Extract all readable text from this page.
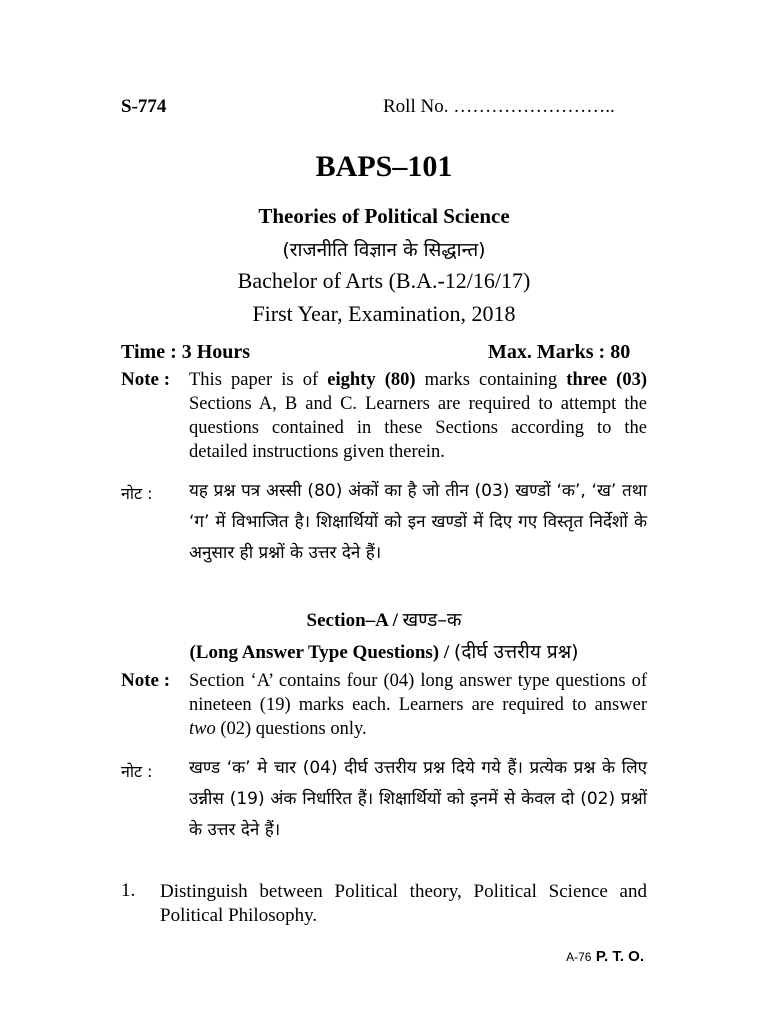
S-774	Roll No. ……………………..
BAPS–101
Theories of Political Science
(राजनीति विज्ञान के सिद्धान्त)
Bachelor of Arts (B.A.-12/16/17)
First Year, Examination, 2018
Time : 3 Hours	Max. Marks : 80
Note : This paper is of eighty (80) marks containing three (03) Sections A, B and C. Learners are required to attempt the questions contained in these Sections according to the detailed instructions given therein.
नोट : यह प्रश्न पत्र अस्सी (80) अंकों का है जो तीन (03) खण्डों ‘क’, ‘ख’ तथा ‘ग’ में विभाजित है। शिक्षार्थियों को इन खण्डों में दिए गए विस्तृत निर्देशों के अनुसार ही प्रश्नों के उत्तर देने हैं।
Section–A / खण्ड–क
(Long Answer Type Questions) / (दीर्घ उत्तरीय प्रश्न)
Note : Section ‘A’ contains four (04) long answer type questions of nineteen (19) marks each. Learners are required to answer two (02) questions only.
नोट : खण्ड ‘क’ मे चार (04) दीर्घ उत्तरीय प्रश्न दिये गये हैं। प्रत्येक प्रश्न के लिए उन्नीस (19) अंक निर्धारित हैं। शिक्षार्थियों को इनमें से केवल दो (02) प्रश्नों के उत्तर देने हैं।
1. Distinguish between Political theory, Political Science and Political Philosophy.
A-76 P. T. O.
